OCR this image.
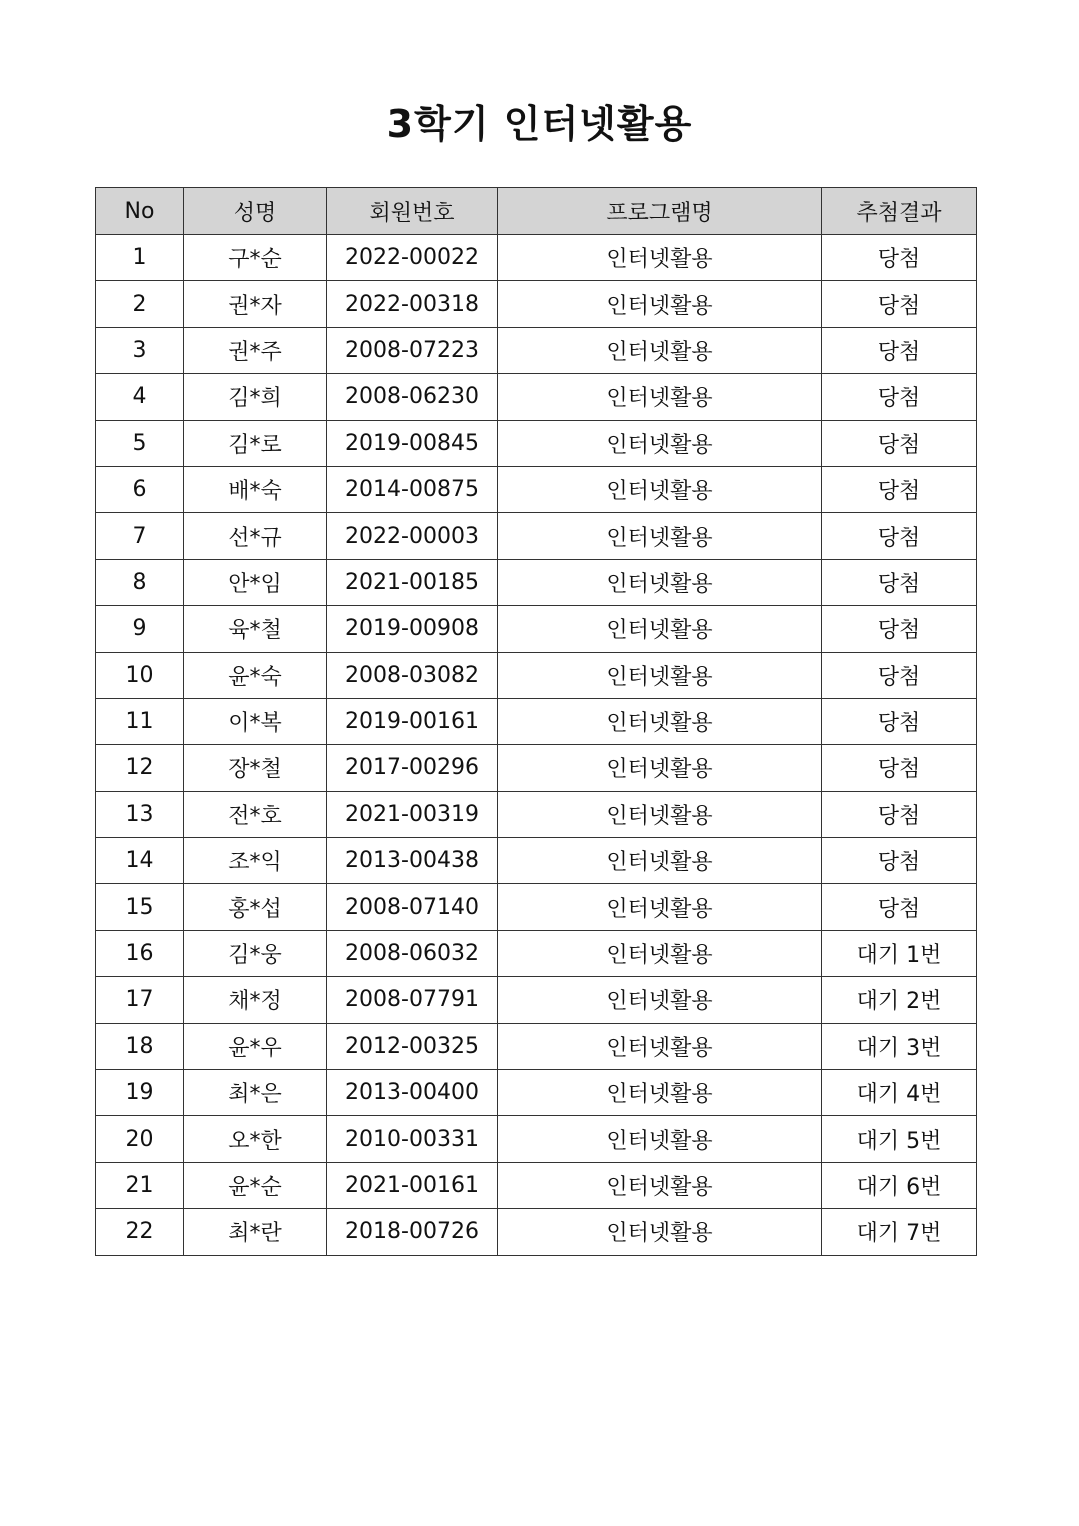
3학기 인터넷활용
No	성명	회원번호	프로그램명	추첨결과
1	구*순	2022-00022	인터넷활용	당첨
2	권*자	2022-00318	인터넷활용	당첨
3	권*주	2008-07223	인터넷활용	당첨
4	김*희	2008-06230	인터넷활용	당첨
5	김*로	2019-00845	인터넷활용	당첨
6	배*숙	2014-00875	인터넷활용	당첨
7	선*규	2022-00003	인터넷활용	당첨
8	안*임	2021-00185	인터넷활용	당첨
9	육*철	2019-00908	인터넷활용	당첨
10	윤*숙	2008-03082	인터넷활용	당첨
11	이*복	2019-00161	인터넷활용	당첨
12	장*철	2017-00296	인터넷활용	당첨
13	전*호	2021-00319	인터넷활용	당첨
14	조*익	2013-00438	인터넷활용	당첨
15	홍*섭	2008-07140	인터넷활용	당첨
16	김*웅	2008-06032	인터넷활용	대기 1번
17	채*정	2008-07791	인터넷활용	대기 2번
18	윤*우	2012-00325	인터넷활용	대기 3번
19	최*은	2013-00400	인터넷활용	대기 4번
20	오*한	2010-00331	인터넷활용	대기 5번
21	윤*순	2021-00161	인터넷활용	대기 6번
22	최*란	2018-00726	인터넷활용	대기 7번
